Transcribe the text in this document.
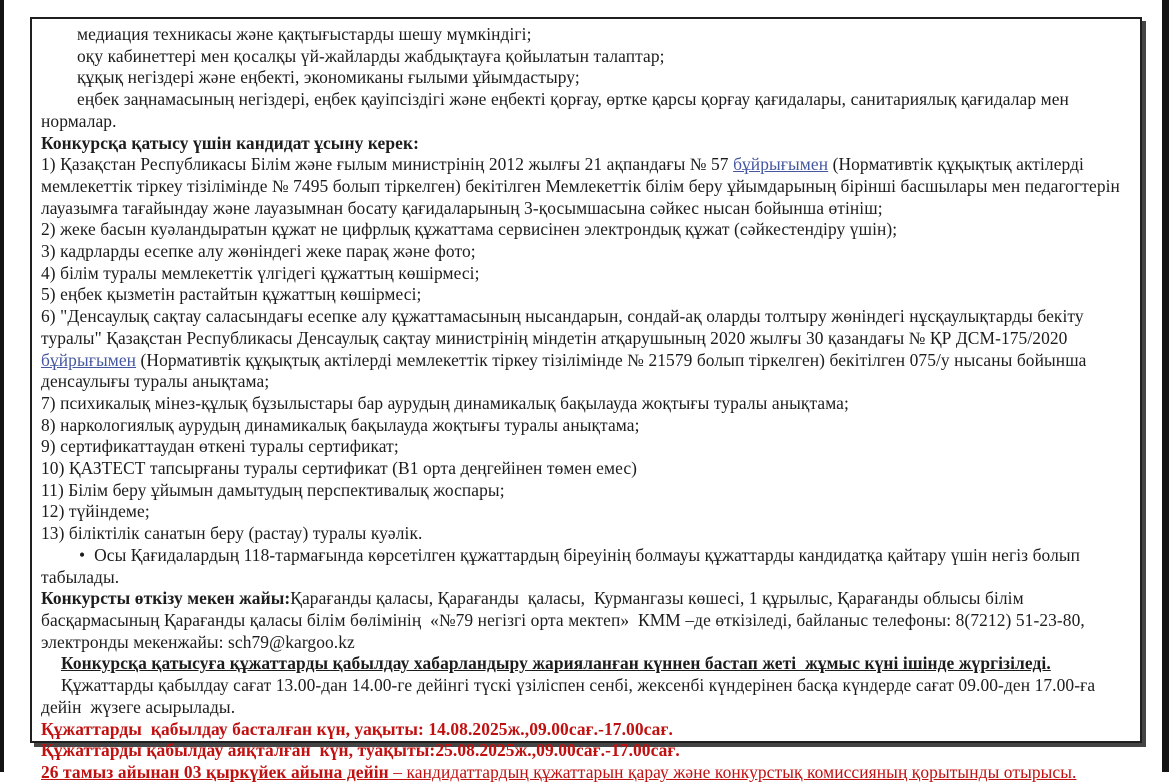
медиация техникасы және қақтығыстарды шешу мүмкіндігі;
оқу кабинеттері мен қосалқы үй-жайларды жабдықтауға қойылатын талаптар;
құқық негіздері және еңбекті, экономиканы ғылыми ұйымдастыру;
еңбек заңнамасының негіздері, еңбек қауіпсіздігі және еңбекті қорғау, өртке қарсы қорғау қағидалары, санитариялық қағидалар мен нормалар.
Конкурсқа қатысу үшін кандидат ұсыну керек:
1) Қазақстан Республикасы Білім және ғылым министрінің 2012 жылғы 21 ақпандағы № 57 бұйрығымен (Нормативтік құқықтық актілерді мемлекеттік тіркеу тізілімінде № 7495 болып тіркелген) бекітілген Мемлекеттік білім беру ұйымдарының бірінші басшылары мен педагогтерін лауазымға тағайындау және лауазымнан босату қағидаларының 3-қосымшасына сәйкес нысан бойынша өтініш;
2) жеке басын куәландыратын құжат не цифрлық құжаттама сервисінен электрондық құжат (сәйкестендіру үшін);
3) кадрларды есепке алу жөніндегі жеке парақ және фото;
4) білім туралы мемлекеттік үлгідегі құжаттың көшірмесі;
5) еңбек қызметін растайтын құжаттың көшірмесі;
6) "Денсаулық сақтау саласындағы есепке алу құжаттамасының нысандарын, сондай-ақ оларды толтыру жөніндегі нұсқаулықтарды бекіту туралы" Қазақстан Республикасы Денсаулық сақтау министрінің міндетін атқарушының 2020 жылғы 30 қазандағы № ҚР ДСМ-175/2020 бұйрығымен (Нормативтік құқықтық актілерді мемлекеттік тіркеу тізілімінде № 21579 болып тіркелген) бекітілген 075/у нысаны бойынша денсаулығы туралы анықтама;
7) психикалық мінез-құлық бұзылыстары бар аурудың динамикалық бақылауда жоқтығы туралы анықтама;
8) наркологиялық аурудың динамикалық бақылауда жоқтығы туралы анықтама;
9) сертификаттаудан өткені туралы сертификат;
10) ҚАЗТЕСТ тапсырғаны туралы сертификат (В1 орта деңгейінен төмен емес)
11) Білім беру ұйымын дамытудың перспективалық жоспары;
12) түйіндеме;
13) біліктілік санатын беру (растау) туралы куәлік.
•  Осы Қағидалардың 118-тармағында көрсетілген құжаттардың біреуінің болмауы құжаттарды кандидатқа қайтару үшін негіз болып табылады.
Конкурсты өткізу мекен жайы:Қарағанды қаласы, Қарағанды  қаласы,  Курмангазы көшесі, 1 құрылыс, Қарағанды облысы білім басқармасының Қарағанды қаласы білім бөлімінің  «№79 негізгі орта мектеп»  КММ –де өткізіледі, байланыс телефоны: 8(7212) 51-23-80, электронды мекенжайы: sch79@kargoo.kz
Конкурсқа қатысуға құжаттарды қабылдау хабарландыру жарияланған күннен бастап жеті  жұмыс күні ішінде жүргізіледі.
Құжаттарды қабылдау сағат 13.00-дан 14.00-ге дейінгі түскі үзіліспен сенбі, жексенбі күндерінен басқа күндерде сағат 09.00-ден 17.00-ға дейін  жүзеге асырылады.
Құжаттарды  қабылдау басталған күн, уақыты: 14.08.2025ж.,09.00сағ.-17.00сағ.
Құжаттарды қабылдау аяқталған  күн, туақыты:25.08.2025ж.,09.00сағ.-17.00сағ.
26 тамыз айынан 03 қыркүйек айына дейін – кандидаттардың құжаттарын қарау және конкурстық комиссияның қорытынды отырысы.
